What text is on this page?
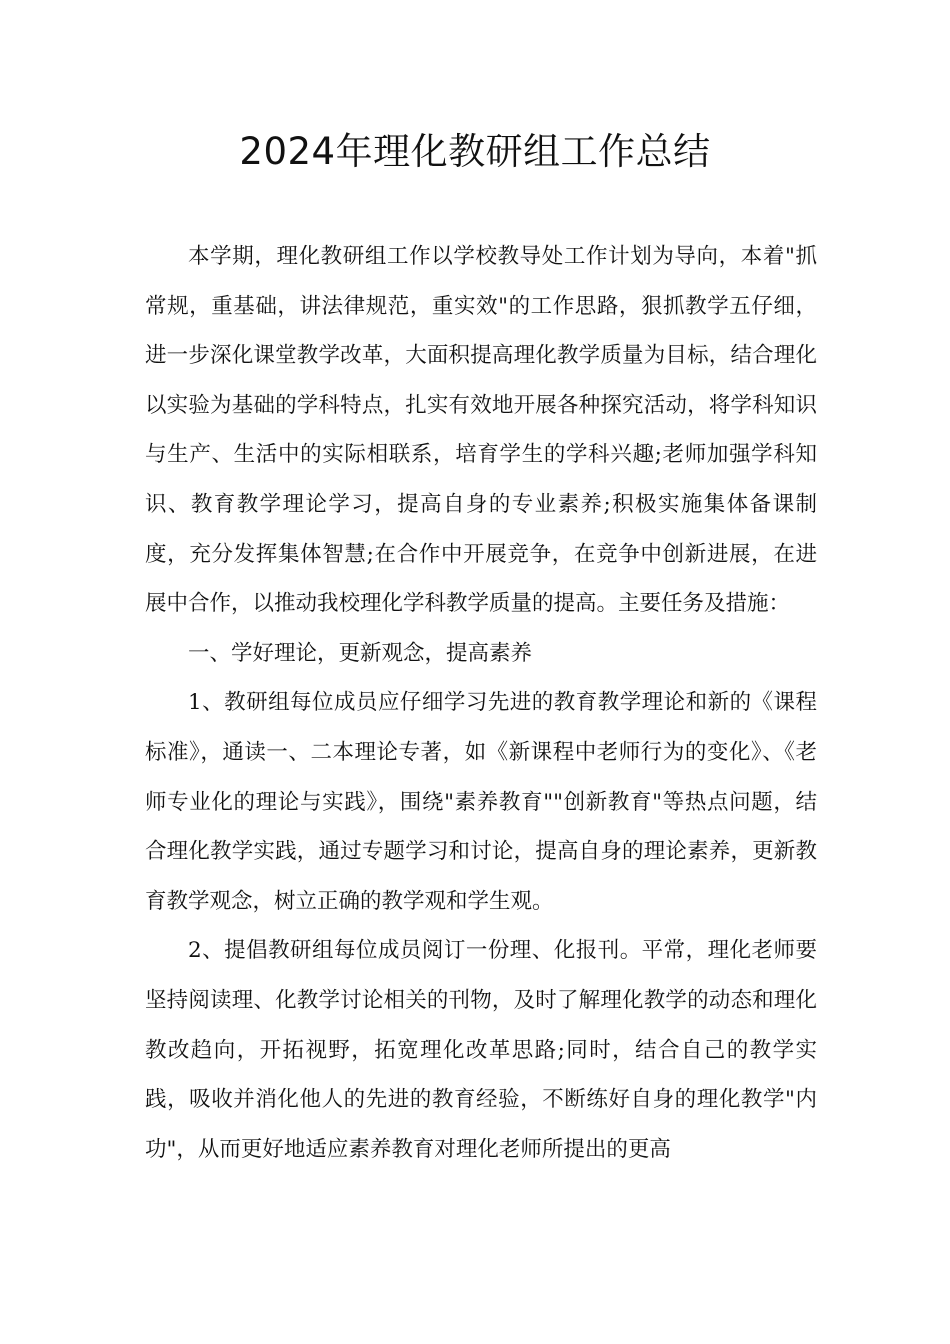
2024年理化教研组工作总结

本学期，理化教研组工作以学校教导处工作计划为导向，本着"抓常规，重基础，讲法律规范，重实效"的工作思路，狠抓教学五仔细，进一步深化课堂教学改革，大面积提高理化教学质量为目标，结合理化以实验为基础的学科特点，扎实有效地开展各种探究活动，将学科知识与生产、生活中的实际相联系，培育学生的学科兴趣;老师加强学科知识、教育教学理论学习，提高自身的专业素养;积极实施集体备课制度，充分发挥集体智慧;在合作中开展竞争，在竞争中创新进展，在进展中合作，以推动我校理化学科教学质量的提高。主要任务及措施：

一、学好理论，更新观念，提高素养

1、教研组每位成员应仔细学习先进的教育教学理论和新的《课程标准》，通读一、二本理论专著，如《新课程中老师行为的变化》、《老师专业化的理论与实践》，围绕"素养教育""创新教育"等热点问题，结合理化教学实践，通过专题学习和讨论，提高自身的理论素养，更新教育教学观念，树立正确的教学观和学生观。

2、提倡教研组每位成员阅订一份理、化报刊。平常，理化老师要坚持阅读理、化教学讨论相关的刊物，及时了解理化教学的动态和理化教改趋向，开拓视野，拓宽理化改革思路;同时，结合自己的教学实践，吸收并消化他人的先进的教育经验，不断练好自身的理化教学"内功"，从而更好地适应素养教育对理化老师所提出的更高
